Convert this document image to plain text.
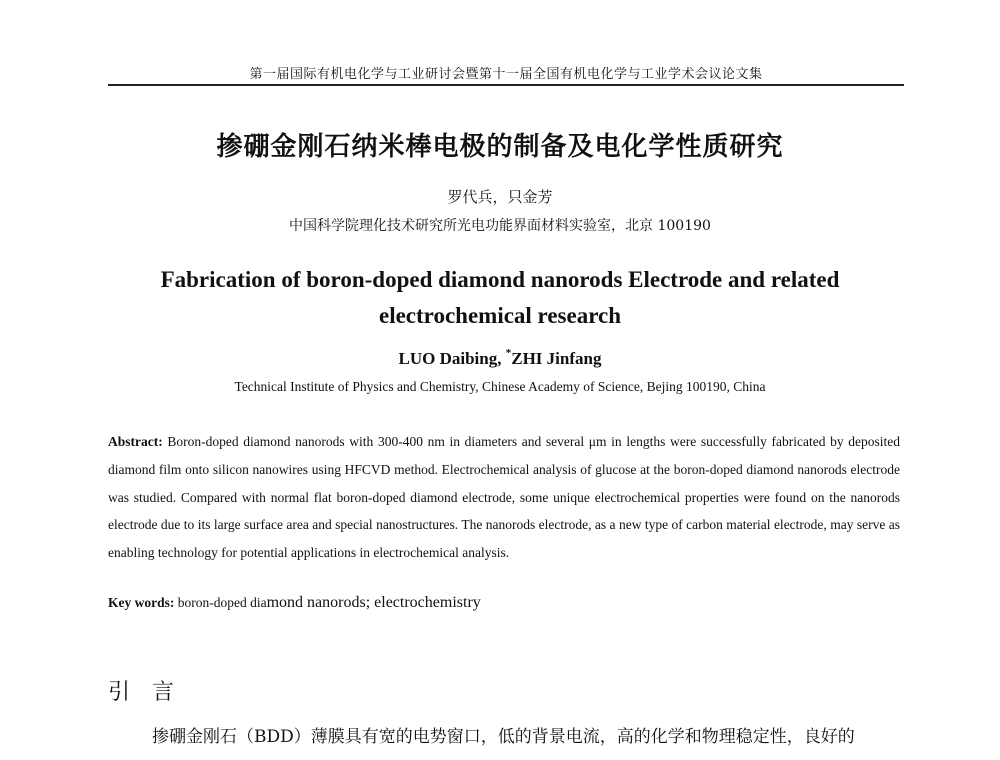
第一届国际有机电化学与工业研讨会暨第十一届全国有机电化学与工业学术会议论文集
掺硼金刚石纳米棒电极的制备及电化学性质研究
罗代兵，只金芳
中国科学院理化技术研究所光电功能界面材料实验室，北京 100190
Fabrication of boron-doped diamond nanorods Electrode and related electrochemical research
LUO Daibing, *ZHI Jinfang
Technical Institute of Physics and Chemistry, Chinese Academy of Science, Bejing 100190, China
Abstract: Boron-doped diamond nanorods with 300-400 nm in diameters and several μm in lengths were successfully fabricated by deposited diamond film onto silicon nanowires using HFCVD method. Electrochemical analysis of glucose at the boron-doped diamond nanorods electrode was studied. Compared with normal flat boron-doped diamond electrode, some unique electrochemical properties were found on the nanorods electrode due to its large surface area and special nanostructures. The nanorods electrode, as a new type of carbon material electrode, may serve as enabling technology for potential applications in electrochemical analysis.
Key words: boron-doped diamond nanorods; electrochemistry
引言
掺硼金刚石（BDD）薄膜具有宽的电势窗口，低的背景电流，高的化学和物理稳定性，良好的
